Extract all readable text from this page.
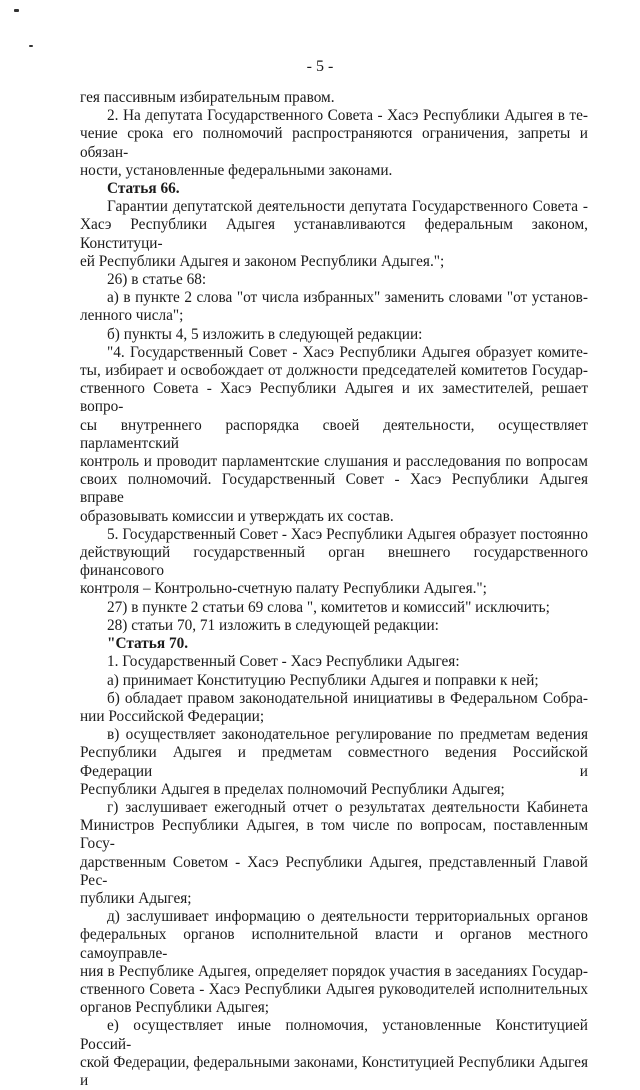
- 5 -

гея пассивным избирательным правом.

2. На депутата Государственного Совета - Хасэ Республики Адыгея в те-

чение срока его полномочий распространяются ограничения, запреты и обязан-

ности, установленные федеральными законами.

Статья 66.

Гарантии депутатской деятельности депутата Государственного Совета -

Хасэ Республики Адыгея устанавливаются федеральным законом, Конституци-

ей Республики Адыгея и законом Республики Адыгея.";

26) в статье 68:

а) в пункте 2 слова "от числа избранных" заменить словами "от установ-

ленного числа";

б) пункты 4, 5 изложить в следующей редакции:

"4. Государственный Совет - Хасэ Республики Адыгея образует комите-

ты, избирает и освобождает от должности председателей комитетов Государ-

ственного Совета - Хасэ Республики Адыгея и их заместителей, решает вопро-

сы внутреннего распорядка своей деятельности, осуществляет парламентский

контроль и проводит парламентские слушания и расследования по вопросам

своих полномочий. Государственный Совет - Хасэ Республики Адыгея вправе

образовывать комиссии и утверждать их состав.

5. Государственный Совет - Хасэ Республики Адыгея образует постоянно

действующий государственный орган внешнего государственного финансового

контроля – Контрольно-счетную палату Республики Адыгея.";

27) в пункте 2 статьи 69 слова ", комитетов и комиссий" исключить;

28) статьи 70, 71 изложить в следующей редакции:

"Статья 70.

1. Государственный Совет - Хасэ Республики Адыгея:

а) принимает Конституцию Республики Адыгея и поправки к ней;

б) обладает правом законодательной инициативы в Федеральном Собра-

нии Российской Федерации;

в) осуществляет законодательное регулирование по предметам ведения

Республики Адыгея и предметам совместного ведения Российской Федерации и

Республики Адыгея в пределах полномочий Республики Адыгея;

г) заслушивает ежегодный отчет о результатах деятельности Кабинета

Министров Республики Адыгея, в том числе по вопросам, поставленным Госу-

дарственным Советом - Хасэ Республики Адыгея, представленный Главой Рес-

публики Адыгея;

д) заслушивает информацию о деятельности территориальных органов

федеральных органов исполнительной власти и органов местного самоуправле-

ния в Республике Адыгея, определяет порядок участия в заседаниях Государ-

ственного Совета - Хасэ Республики Адыгея руководителей исполнительных

органов Республики Адыгея;

е) осуществляет иные полномочия, установленные Конституцией Россий-

ской Федерации, федеральными законами, Конституцией Республики Адыгея и
